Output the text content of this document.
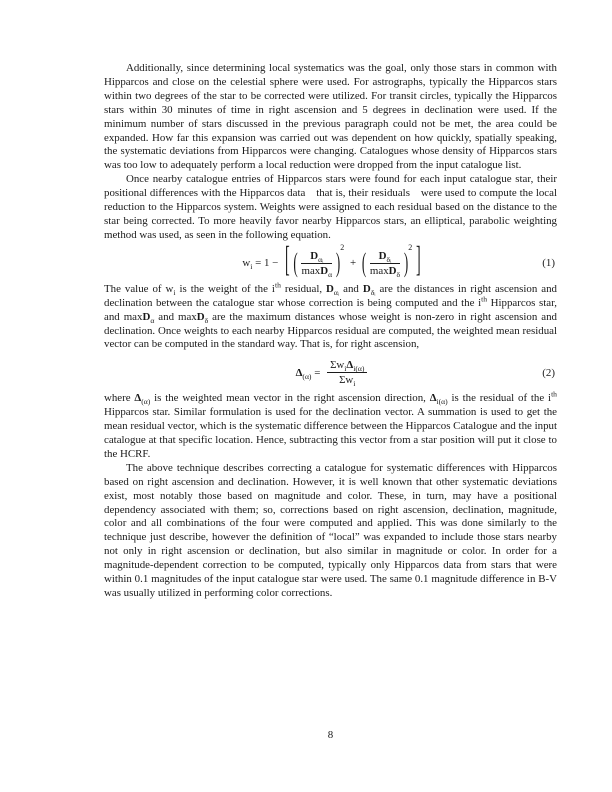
Additionally, since determining local systematics was the goal, only those stars in common with Hipparcos and close on the celestial sphere were used. For astrographs, typically the Hipparcos stars within two degrees of the star to be corrected were utilized. For transit circles, typically the Hipparcos stars within 30 minutes of time in right ascension and 5 degrees in declination were used. If the minimum number of stars discussed in the previous paragraph could not be met, the area could be expanded. How far this expansion was carried out was dependent on how quickly, spatially speaking, the systematic deviations from Hipparcos were changing. Catalogues whose density of Hipparcos stars was too low to adequately perform a local reduction were dropped from the input catalogue list.

Once nearby catalogue entries of Hipparcos stars were found for each input catalogue star, their positional differences with the Hipparcos data  that is, their residuals  were used to compute the local reduction to the Hipparcos system. Weights were assigned to each residual based on the distance to the star being corrected. To more heavily favor nearby Hipparcos stars, an elliptical, parabolic weighting method was used, as seen in the following equation.

$w_i = 1$ − [ ( $\frac{D_{\alpha ᵢ}}{\max D_\alpha} )^2$ + ( $\frac{D_{\delta ᵢ}}{\max D_\delta} )^2$ ]	(1)

The value of $w_i$ is the weight of the $i^{th}$ residual, $D_{\alpha ᵢ}$ and $D_{\delta ᵢ}$ are the distances in right ascension and declination between the catalogue star whose correction is being computed and the $i^{th}$ Hipparcos star, and maxD$_\alpha$ and maxD$_\delta$ are the maximum distances whose weight is non-zero in right ascension and declination. Once weights to each nearby Hipparcos residual are computed, the weighted mean residual vector can be computed in the standard way. That is, for right ascension,

$\Delta_{(\alpha)} = \frac{\Sigma w_i\Delta_{i(\alpha)}}{\Sigma w_i}$	(2)

where $\Delta_{(\alpha)}$ is the weighted mean vector in the right ascension direction, $\Delta_{i(\alpha)}$ is the residual of the $i^{th}$ Hipparcos star. Similar formulation is used for the declination vector. A summation is used to get the mean residual vector, which is the systematic difference between the Hipparcos Catalogue and the input catalogue at that specific location. Hence, subtracting this vector from a star position will put it close to the HCRF.

The above technique describes correcting a catalogue for systematic differences with Hipparcos based on right ascension and declination. However, it is well known that other systematic deviations exist, most notably those based on magnitude and color. These, in turn, may have a positional dependency associated with them; so, corrections based on right ascension, declination, magnitude, color and all combinations of the four were computed and applied. This was done similarly to the technique just describe, however the definition of “local” was expanded to include those stars nearby not only in right ascension or declination, but also similar in magnitude or color. In order for a magnitude-dependent correction to be computed, typically only Hipparcos data from stars that were within 0.1 magnitudes of the input catalogue star were used. The same 0.1 magnitude difference in B-V was usually utilized in performing color corrections.

8
